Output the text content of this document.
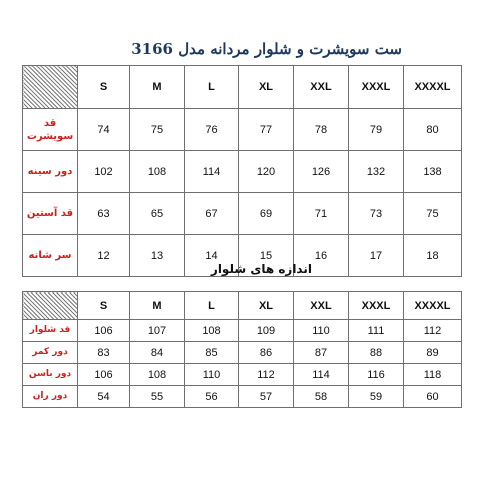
ست سویشرت و شلوار مردانه مدل 3166
	S	M	L	XL	XXL	XXXL	XXXXL
قد سویشرت	74	75	76	77	78	79	80
دور سینه	102	108	114	120	126	132	138
قد آستین	63	65	67	69	71	73	75
سر شانه	12	13	14	15	16	17	18
اندازه های شلوار
	S	M	L	XL	XXL	XXXL	XXXXL
قد شلوار	106	107	108	109	110	111	112
دور کمر	83	84	85	86	87	88	89
دور باسن	106	108	110	112	114	116	118
دور ران	54	55	56	57	58	59	60
